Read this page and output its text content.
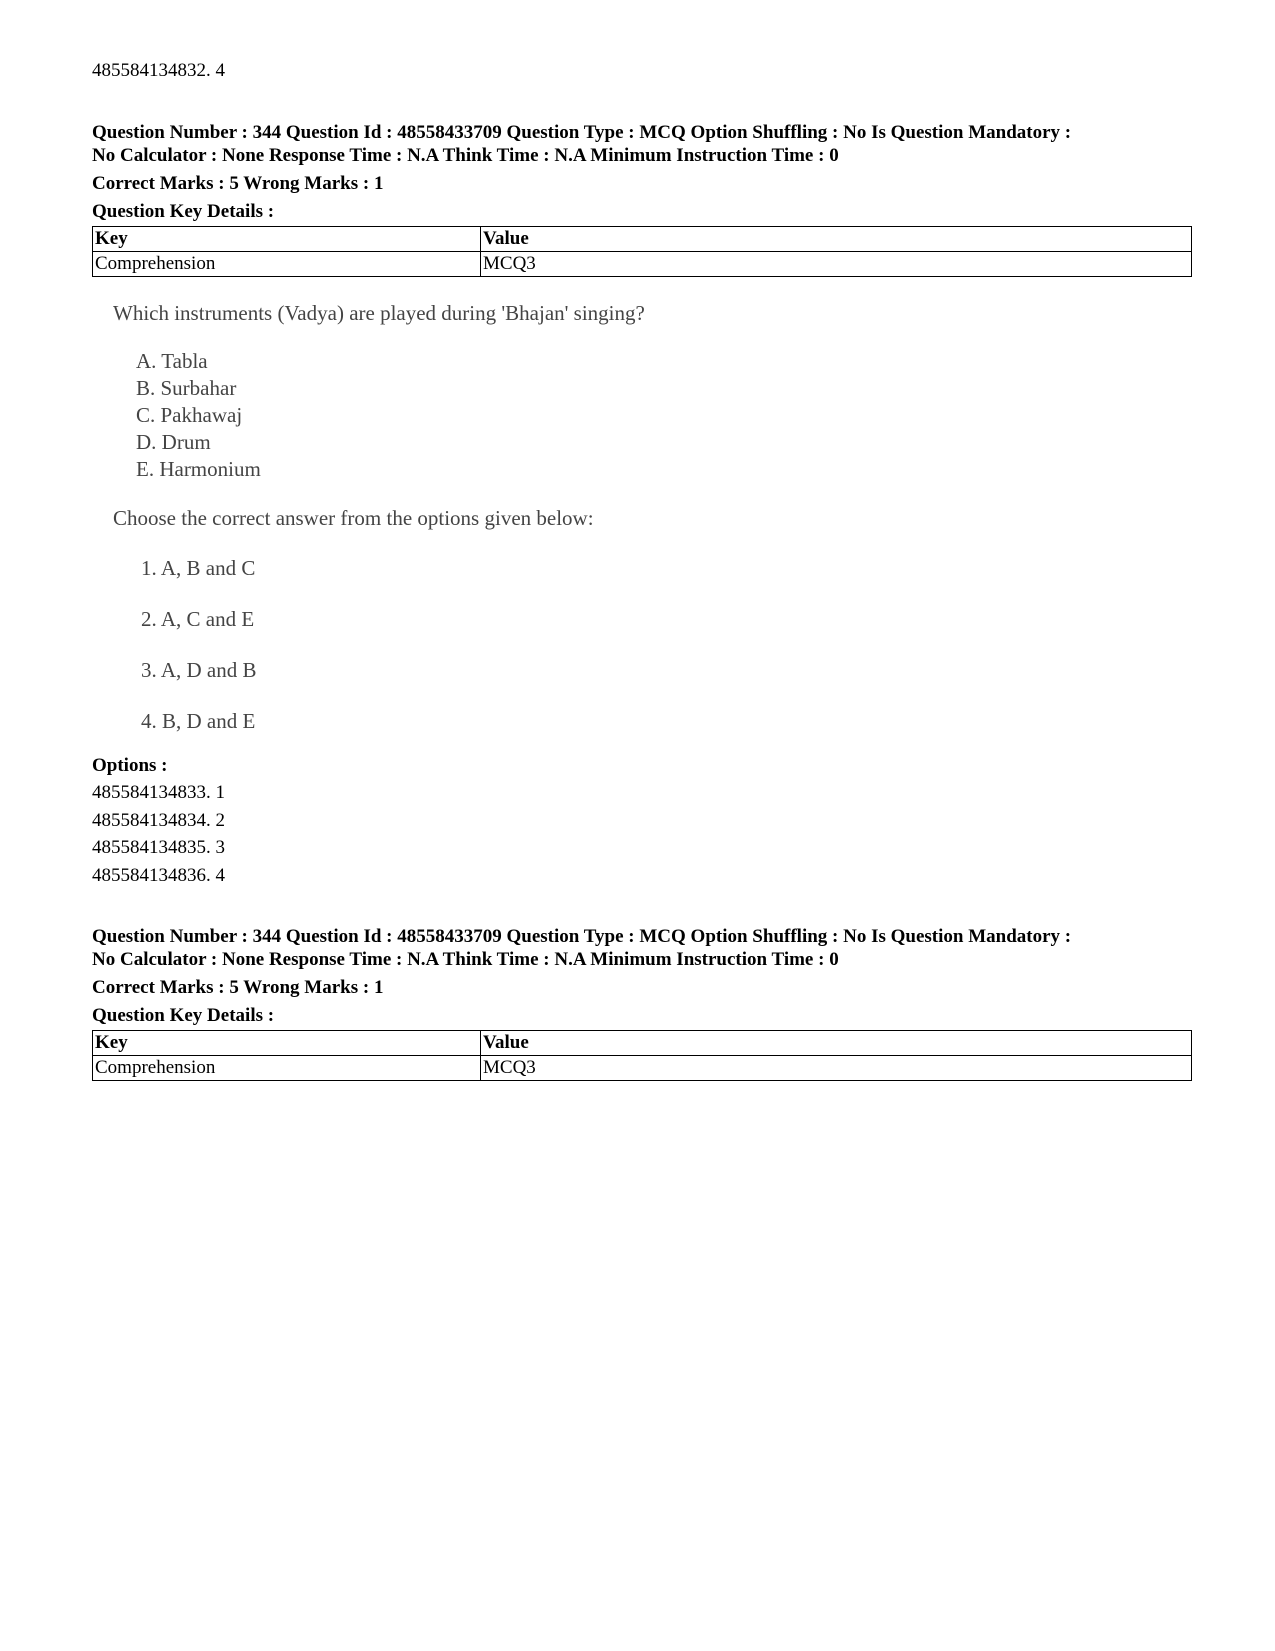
485584134832. 4
Question Number : 344 Question Id : 48558433709 Question Type : MCQ Option Shuffling : No Is Question Mandatory :
No Calculator : None Response Time : N.A Think Time : N.A Minimum Instruction Time : 0
Correct Marks : 5 Wrong Marks : 1
Question Key Details :
Key	Value
Comprehension	MCQ3
Which instruments (Vadya) are played during 'Bhajan' singing?
A. Tabla
B. Surbahar
C. Pakhawaj
D. Drum
E. Harmonium
Choose the correct answer from the options given below:
1. A, B and C
2. A, C and E
3. A, D and B
4. B, D and E
Options :
485584134833. 1
485584134834. 2
485584134835. 3
485584134836. 4
Question Number : 344 Question Id : 48558433709 Question Type : MCQ Option Shuffling : No Is Question Mandatory :
No Calculator : None Response Time : N.A Think Time : N.A Minimum Instruction Time : 0
Correct Marks : 5 Wrong Marks : 1
Question Key Details :
Key	Value
Comprehension	MCQ3
